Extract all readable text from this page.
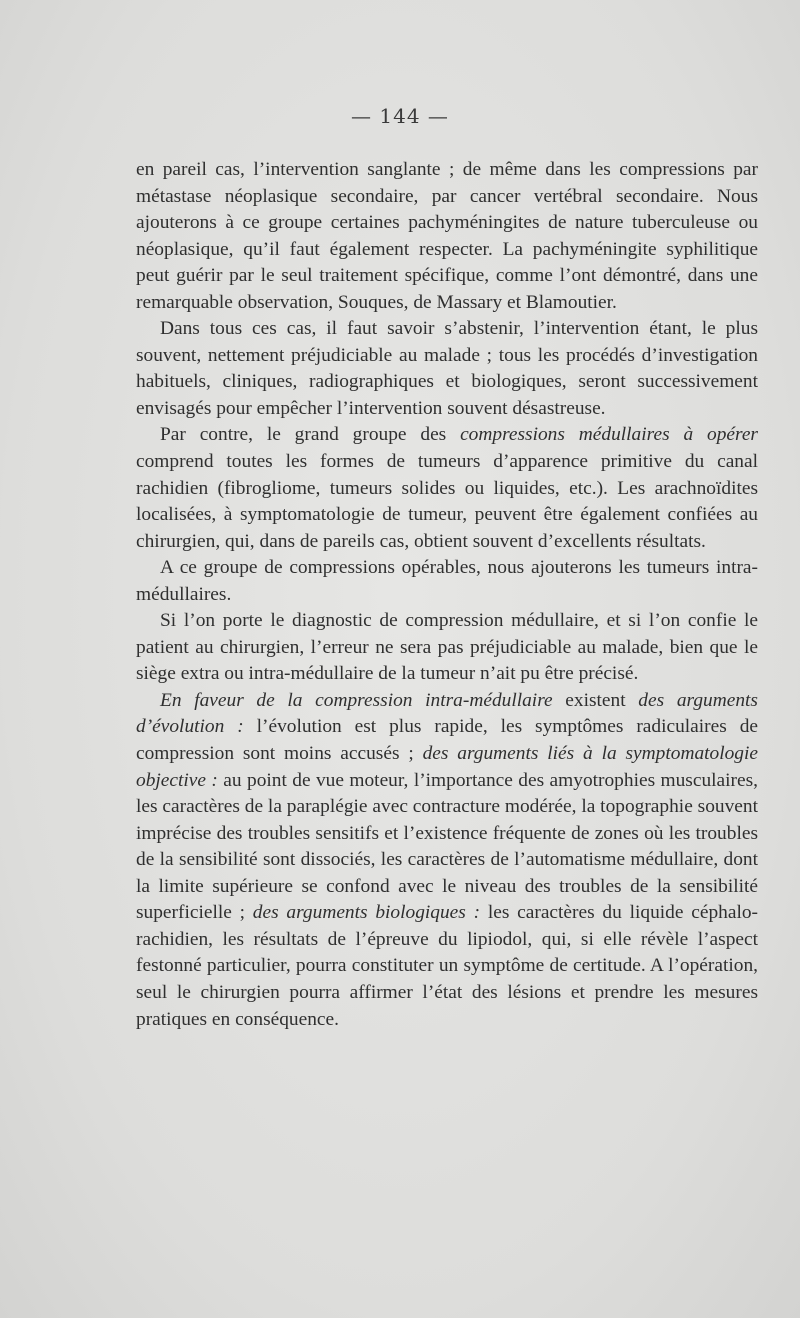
— 144 —

en pareil cas, l’intervention sanglante ; de même dans les compressions par métastase néoplasique secondaire, par cancer vertébral secondaire. Nous ajouterons à ce groupe certaines pachyméningites de nature tuberculeuse ou néoplasique, qu’il faut également respecter. La pachyméningite syphilitique peut guérir par le seul traitement spécifique, comme l’ont démontré, dans une remarquable observation, Souques, de Massary et Blamoutier.

Dans tous ces cas, il faut savoir s’abstenir, l’intervention étant, le plus souvent, nettement préjudiciable au malade ; tous les procédés d’investigation habituels, cliniques, radiographiques et biologiques, seront successivement envisagés pour empêcher l’intervention souvent désastreuse.

Par contre, le grand groupe des compressions médullaires à opérer comprend toutes les formes de tumeurs d’apparence primitive du canal rachidien (fibrogliome, tumeurs solides ou liquides, etc.). Les arachnoïdites localisées, à symptomatologie de tumeur, peuvent être également confiées au chirurgien, qui, dans de pareils cas, obtient souvent d’excellents résultats.

A ce groupe de compressions opérables, nous ajouterons les tumeurs intra-médullaires.

Si l’on porte le diagnostic de compression médullaire, et si l’on confie le patient au chirurgien, l’erreur ne sera pas préjudiciable au malade, bien que le siège extra ou intra-médullaire de la tumeur n’ait pu être précisé.

En faveur de la compression intra-médullaire existent des arguments d’évolution : l’évolution est plus rapide, les symptômes radiculaires de compression sont moins accusés ; des arguments liés à la symptomatologie objective : au point de vue moteur, l’importance des amyotrophies musculaires, les caractères de la paraplégie avec contracture modérée, la topographie souvent imprécise des troubles sensitifs et l’existence fréquente de zones où les troubles de la sensibilité sont dissociés, les caractères de l’automatisme médullaire, dont la limite supérieure se confond avec le niveau des troubles de la sensibilité superficielle ; des arguments biologiques : les caractères du liquide céphalo-rachidien, les résultats de l’épreuve du lipiodol, qui, si elle révèle l’aspect festonné particulier, pourra constituter un symptôme de certitude. A l’opération, seul le chirurgien pourra affirmer l’état des lésions et prendre les mesures pratiques en conséquence.
